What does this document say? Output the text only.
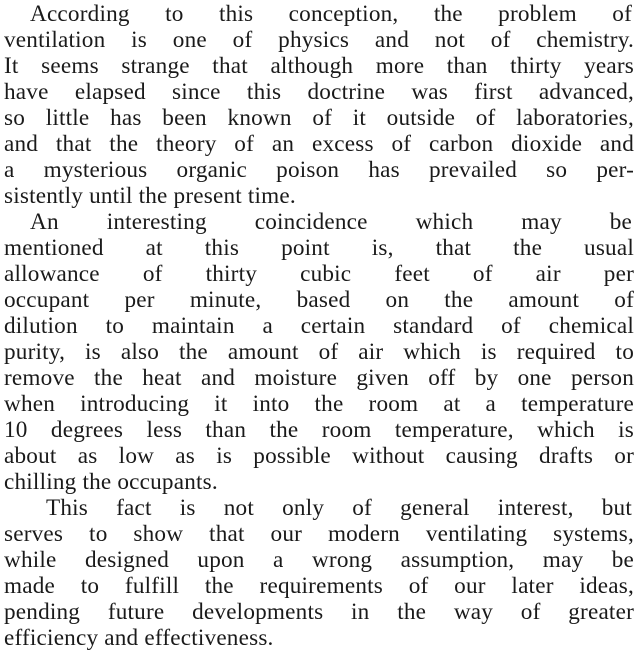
According to this conception, the problem of
ventilation is one of physics and not of chemistry.
It seems strange that although more than thirty years
have elapsed since this doctrine was first advanced,
so little has been known of it outside of laboratories,
and that the theory of an excess of carbon dioxide and
a mysterious organic poison has prevailed so per-
sistently until the present time.
An interesting coincidence which may be
mentioned at this point is, that the usual
allowance of thirty cubic feet of air per
occupant per minute, based on the amount of
dilution to maintain a certain standard of chemical
purity, is also the amount of air which is required to
remove the heat and moisture given off by one person
when introducing it into the room at a temperature
10 degrees less than the room temperature, which is
about as low as is possible without causing drafts or
chilling the occupants.
This fact is not only of general interest, but
serves to show that our modern ventilating systems,
while designed upon a wrong assumption, may be
made to fulfill the requirements of our later ideas,
pending future developments in the way of greater
efficiency and effectiveness.
